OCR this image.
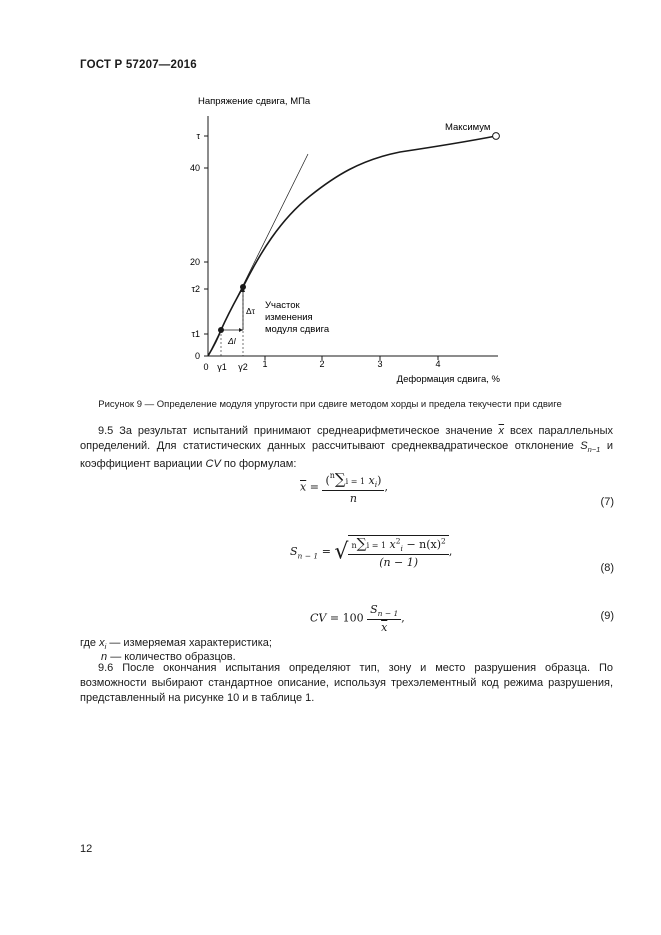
ГОСТ Р 57207—2016
Напряжение сдвига, МПа
40
20
0
τ
τ2
τ1
0	1	2	3	4
γ1 γ2
Деформация сдвига, %
Δτ
Δl
Максимум
Участок
изменения
модуля сдвига
Рисунок 9 — Определение модуля упругости при сдвиге методом хорды и предела текучести при сдвиге
9.5 За результат испытаний принимают среднеарифметическое значение $\overline{x}$ всех параллельных определений. Для статистических данных рассчитывают среднеквадратическое отклонение $S_{n-1}$ и коэффициент вариации CV по формулам:
$\overline{x} = \frac{(^n\sum i = 1 x_i)}{n}$ ,
(7)
$S_{n - 1}$ = √ $\frac{n\sum i = 1 x^2_i - n(x)^2}{(n - 1)}$ ,
(8)
CV = $100 \frac{S_{n - 1}}{x}$ ,	(9)
где $x_i$ — измеряемая характеристика;
n — количество образцов.
9.6 После окончания испытания определяют тип, зону и место разрушения образца. По возможности выбирают стандартное описание, используя трехэлементный код режима разрушения, представленный на рисунке 10 и в таблице 1.
12
